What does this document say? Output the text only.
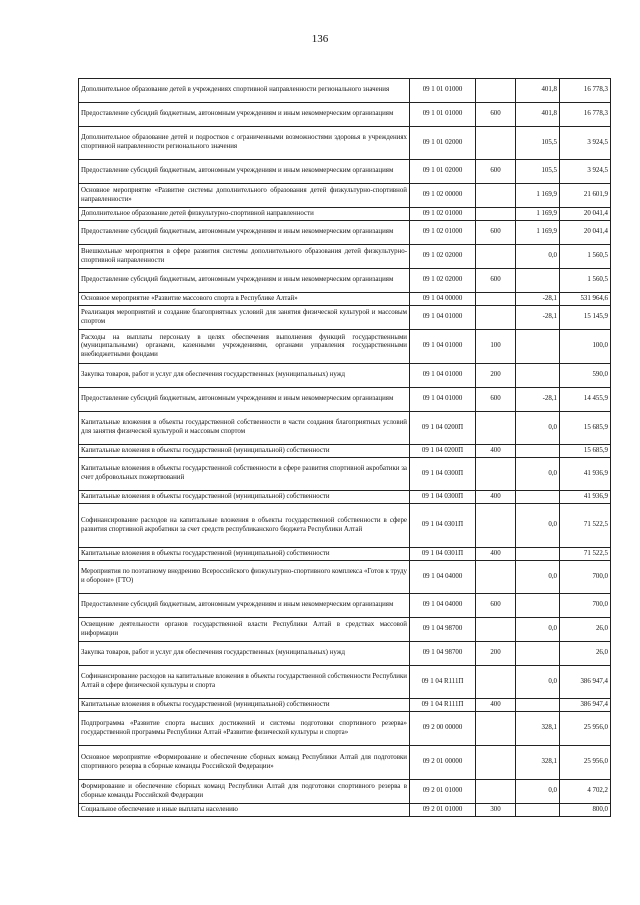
136
Дополнительное образование детей в учреждениях спортивной направленности регионального значения	09 1 01 01000		401,8	16 778,3
Предоставление субсидий бюджетным, автономным учреждениям и иным некоммерческим организациям	09 1 01 01000	600	401,8	16 778,3
Дополнительное образование детей и подростков с ограниченными возможностями здоровья в учреждениях спортивной направленности регионального значения	09 1 01 02000		105,5	3 924,5
Предоставление субсидий бюджетным, автономным учреждениям и иным некоммерческим организациям	09 1 01 02000	600	105,5	3 924,5
Основное мероприятие «Развитие системы дополнительного образования детей физкультурно-спортивной направленности»	09 1 02 00000		1 169,9	21 601,9
Дополнительное образование детей физкультурно-спортивной направленности	09 1 02 01000		1 169,9	20 041,4
Предоставление субсидий бюджетным, автономным учреждениям и иным некоммерческим организациям	09 1 02 01000	600	1 169,9	20 041,4
Внешкольные мероприятия в сфере развития системы дополнительного образования детей физкультурно-спортивной направленности	09 1 02 02000		0,0	1 560,5
Предоставление субсидий бюджетным, автономным учреждениям и иным некоммерческим организациям	09 1 02 02000	600		1 560,5
Основное мероприятие «Развитие массового спорта в Республике Алтай»	09 1 04 00000		-28,1	531 964,6
Реализация мероприятий и создание благоприятных условий для занятия физической культурой и массовым спортом	09 1 04 01000		-28,1	15 145,9
Расходы на выплаты персоналу в целях обеспечения выполнения функций государственными (муниципальными) органами, казенными учреждениями, органами управления государственными внебюджетными фондами	09 1 04 01000	100		100,0
Закупка товаров, работ и услуг для обеспечения государственных (муниципальных) нужд	09 1 04 01000	200		590,0
Предоставление субсидий бюджетным, автономным учреждениям и иным некоммерческим организациям	09 1 04 01000	600	-28,1	14 455,9
Капитальные вложения в объекты государственной собственности в части создания благоприятных условий для занятия физической культурой и массовым спортом	09 1 04 0200П		0,0	15 685,9
Капитальные вложения в объекты государственной (муниципальной) собственности	09 1 04 0200П	400		15 685,9
Капитальные вложения в объекты государственной собственности в сфере развития спортивной акробатики за счет добровольных пожертвований	09 1 04 0300П		0,0	41 936,9
Капитальные вложения в объекты государственной (муниципальной) собственности	09 1 04 0300П	400		41 936,9
Софинансирование расходов на капитальные вложения в объекты государственной собственности в сфере развития спортивной акробатики за счет средств республиканского бюджета Республики Алтай	09 1 04 0301П		0,0	71 522,5
Капитальные вложения в объекты государственной (муниципальной) собственности	09 1 04 0301П	400		71 522,5
Мероприятия по поэтапному внедрению Всероссийского физкультурно-спортивного комплекса «Готов к труду и обороне» (ГТО)	09 1 04 04000		0,0	700,0
Предоставление субсидий бюджетным, автономным учреждениям и иным некоммерческим организациям	09 1 04 04000	600		700,0
Освещение деятельности органов государственной власти Республики Алтай в средствах массовой информации	09 1 04 98700		0,0	26,0
Закупка товаров, работ и услуг для обеспечения государственных (муниципальных) нужд	09 1 04 98700	200		26,0
Софинансирование расходов на капитальные вложения в объекты государственной собственности Республики Алтай в сфере физической культуры и спорта	09 1 04 R111П		0,0	386 947,4
Капитальные вложения в объекты государственной (муниципальной) собственности	09 1 04 R111П	400		386 947,4
Подпрограмма «Развитие спорта высших достижений и системы подготовки спортивного резерва» государственной программы Республики Алтай «Развитие физической культуры и спорта»	09 2 00 00000		328,1	25 956,0
Основное мероприятие «Формирование и обеспечение сборных команд Республики Алтай для подготовки спортивного резерва в сборные команды Российской Федерации»	09 2 01 00000		328,1	25 956,0
Формирование и обеспечение сборных команд Республики Алтай для подготовки спортивного резерва в сборные команды Российской Федерации	09 2 01 01000		0,0	4 702,2
Социальное обеспечение и иные выплаты населению	09 2 01 01000	300		800,0
